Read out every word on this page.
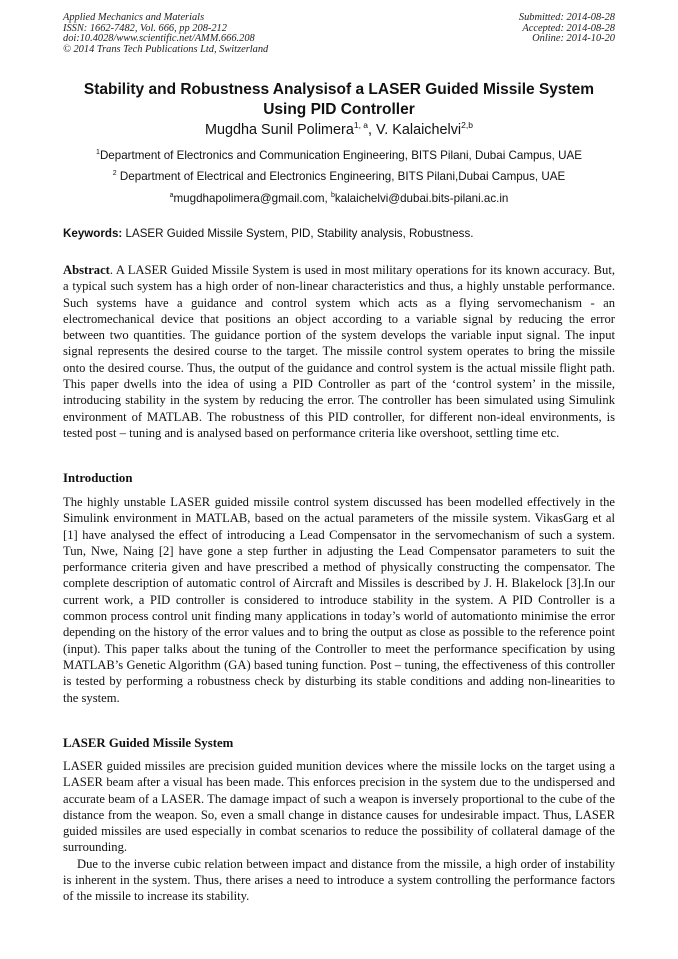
Applied Mechanics and Materials
ISSN: 1662-7482, Vol. 666, pp 208-212
doi:10.4028/www.scientific.net/AMM.666.208
© 2014 Trans Tech Publications Ltd, Switzerland
Submitted: 2014-08-28
Accepted: 2014-08-28
Online: 2014-10-20
Stability and Robustness Analysisof a LASER Guided Missile System
Using PID Controller
Mugdha Sunil Polimera$^{1, a}$, V. Kalaichelvi$^{2,b}$
$^1$Department of Electronics and Communication Engineering, BITS Pilani, Dubai Campus, UAE
$^2$ Department of Electrical and Electronics Engineering, BITS Pilani,Dubai Campus, UAE
$^a$mugdhapolimera@gmail.com, $^b$kalaichelvi@dubai.bits-pilani.ac.in
Keywords: LASER Guided Missile System, PID, Stability analysis, Robustness.

Abstract. A LASER Guided Missile System is used in most military operations for its known accuracy. But, a typical such system has a high order of non-linear characteristics and thus, a highly unstable performance. Such systems have a guidance and control system which acts as a flying servomechanism - an electromechanical device that positions an object according to a variable signal by reducing the error between two quantities. The guidance portion of the system develops the variable input signal. The input signal represents the desired course to the target. The missile control system operates to bring the missile onto the desired course. Thus, the output of the guidance and control system is the actual missile flight path. This paper dwells into the idea of using a PID Controller as part of the ‘control system’ in the missile, introducing stability in the system by reducing the error. The controller has been simulated using Simulink environment of MATLAB. The robustness of this PID controller, for different non-ideal environments, is tested post – tuning and is analysed based on performance criteria like overshoot, settling time etc.

Introduction

The highly unstable LASER guided missile control system discussed has been modelled effectively in the Simulink environment in MATLAB, based on the actual parameters of the missile system. VikasGarg et al [1] have analysed the effect of introducing a Lead Compensator in the servomechanism of such a system. Tun, Nwe, Naing [2] have gone a step further in adjusting the Lead Compensator parameters to suit the performance criteria given and have prescribed a method of physically constructing the compensator. The complete description of automatic control of Aircraft and Missiles is described by J. H. Blakelock [3].In our current work, a PID controller is considered to introduce stability in the system. A PID Controller is a common process control unit finding many applications in today’s world of automationto minimise the error depending on the history of the error values and to bring the output as close as possible to the reference point (input). This paper talks about the tuning of the Controller to meet the performance specification by using MATLAB’s Genetic Algorithm (GA) based tuning function. Post – tuning, the effectiveness of this controller is tested by performing a robustness check by disturbing its stable conditions and adding non-linearities to the system.

LASER Guided Missile System

LASER guided missiles are precision guided munition devices where the missile locks on the target using a LASER beam after a visual has been made. This enforces precision in the system due to the undispersed and accurate beam of a LASER. The damage impact of such a weapon is inversely proportional to the cube of the distance from the weapon. So, even a small change in distance causes for undesirable impact. Thus, LASER guided missiles are used especially in combat scenarios to reduce the possibility of collateral damage of the surrounding.

Due to the inverse cubic relation between impact and distance from the missile, a high order of instability is inherent in the system. Thus, there arises a need to introduce a system controlling the performance factors of the missile to increase its stability.
